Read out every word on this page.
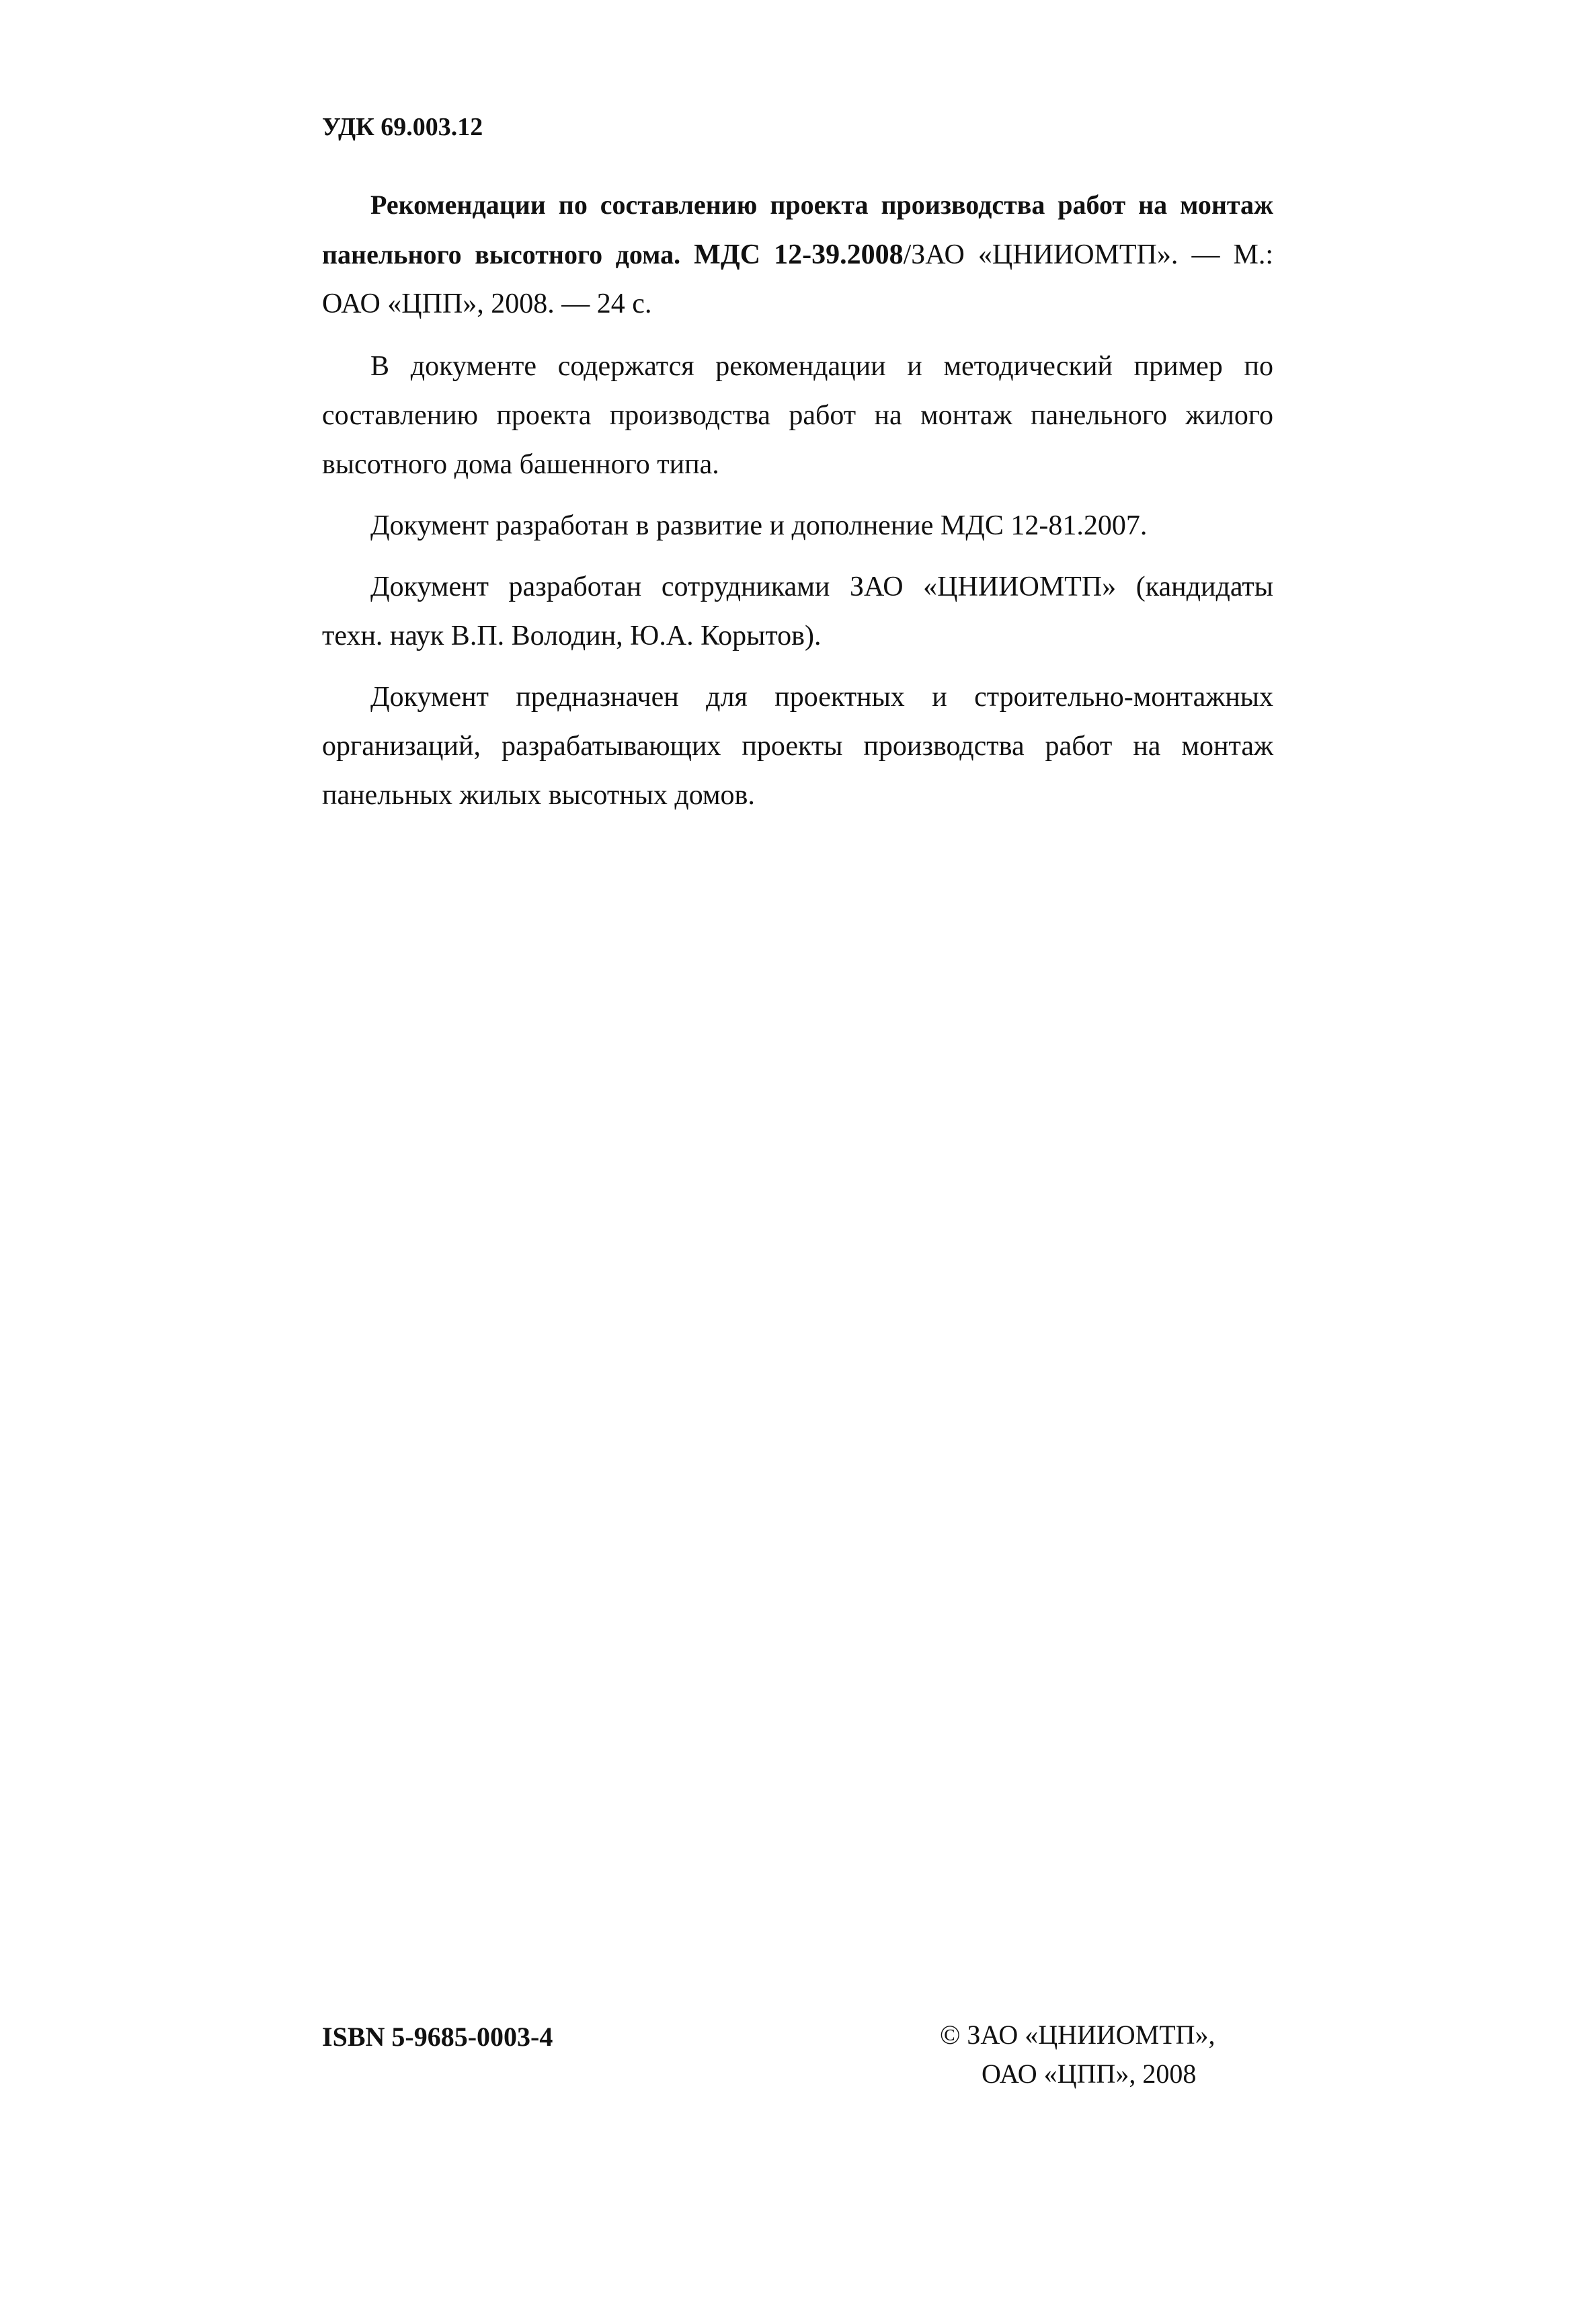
УДК 69.003.12

Рекомендации по составлению проекта производства работ на монтаж панельного высотного дома. МДС 12-39.2008/ЗАО «ЦНИИОМТП». — М.: ОАО «ЦПП», 2008. — 24 с.

В документе содержатся рекомендации и методический пример по составлению проекта производства работ на монтаж панельного жилого высотного дома башенного типа.

Документ разработан в развитие и дополнение МДС 12-81.2007.

Документ разработан сотрудниками ЗАО «ЦНИИОМТП» (кандидаты техн. наук В.П. Володин, Ю.А. Корытов).

Документ предназначен для проектных и строительно-монтажных организаций, разрабатывающих проекты производства работ на монтаж панельных жилых высотных домов.

ISBN 5-9685-0003-4	© ЗАО «ЦНИИОМТП»,
ОАО «ЦПП», 2008
